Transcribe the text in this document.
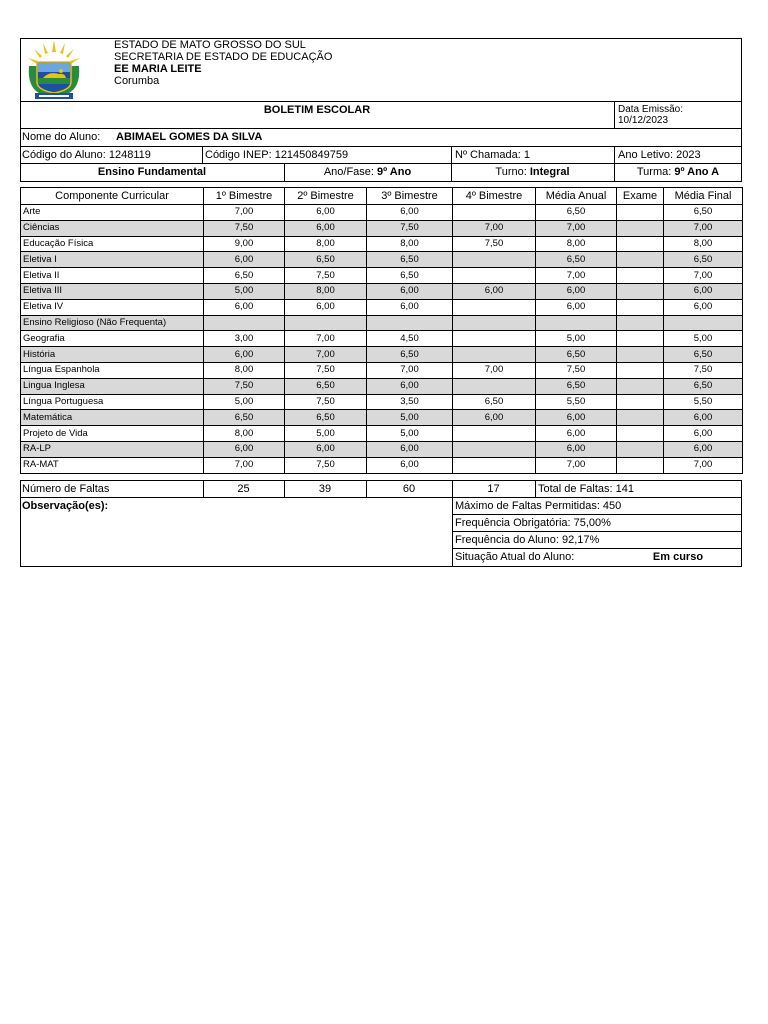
ESTADO DE MATO GROSSO DO SUL
SECRETARIA DE ESTADO DE EDUCAÇÃO
EE MARIA LEITE
Corumba
BOLETIM ESCOLAR	Data Emissão:
10/12/2023
Nome do Aluno: ABIMAEL GOMES DA SILVA
Código do Aluno: 1248119	Código INEP: 121450849759	Nº Chamada: 1	Ano Letivo: 2023
Ensino Fundamental	Ano/Fase: 9º Ano	Turno: Integral	Turma: 9º Ano A
Componente Curricular	1º Bimestre	2º Bimestre	3º Bimestre	4º Bimestre	Média Anual	Exame	Média Final
Arte	7,00	6,00	6,00		6,50		6,50
Ciências	7,50	6,00	7,50	7,00	7,00		7,00
Educação Física	9,00	8,00	8,00	7,50	8,00		8,00
Eletiva I	6,00	6,50	6,50		6,50		6,50
Eletiva II	6,50	7,50	6,50		7,00		7,00
Eletiva III	5,00	8,00	6,00	6,00	6,00		6,00
Eletiva IV	6,00	6,00	6,00		6,00		6,00
Ensino Religioso (Não Frequenta)							
Geografia	3,00	7,00	4,50		5,00		5,00
História	6,00	7,00	6,50		6,50		6,50
Língua Espanhola	8,00	7,50	7,00	7,00	7,50		7,50
Lingua Inglesa	7,50	6,50	6,00		6,50		6,50
Língua Portuguesa	5,00	7,50	3,50	6,50	5,50		5,50
Matemática	6,50	6,50	5,00	6,00	6,00		6,00
Projeto de Vida	8,00	5,00	5,00		6,00		6,00
RA-LP	6,00	6,00	6,00		6,00		6,00
RA-MAT	7,00	7,50	6,00		7,00		7,00
Número de Faltas	25	39	60	17	Total de Faltas: 141
Observação(es):	Máximo de Faltas Permitidas: 450
Frequência Obrigatória: 75,00%
Frequência do Aluno: 92,17%
Situação Atual do Aluno:	Em curso
